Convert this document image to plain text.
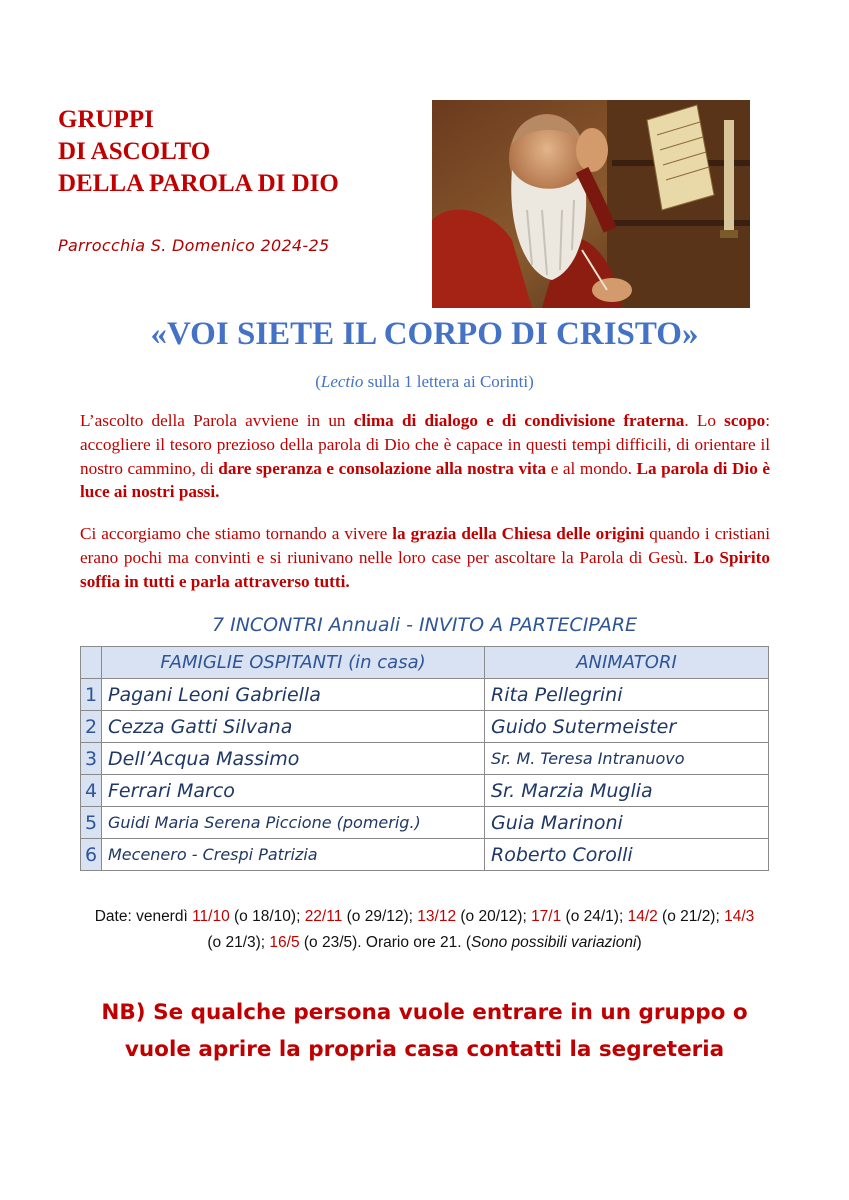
GRUPPI
DI ASCOLTO
DELLA PAROLA DI DIO
Parrocchia S. Domenico 2024-25
«VOI SIETE IL CORPO DI CRISTO»
(Lectio sulla 1 lettera ai Corinti)
L’ascolto della Parola avviene in un clima di dialogo e di condivisione fraterna. Lo scopo: accogliere il tesoro prezioso della parola di Dio che è capace in questi tempi difficili, di orientare il nostro cammino, di dare speranza e consolazione alla nostra vita e al mondo. La parola di Dio è luce ai nostri passi.
Ci accorgiamo che stiamo tornando a vivere la grazia della Chiesa delle origini quando i cristiani erano pochi ma convinti e si riunivano nelle loro case per ascoltare la Parola di Gesù. Lo Spirito soffia in tutti e parla attraverso tutti.
7 INCONTRI Annuali - INVITO A PARTECIPARE
	FAMIGLIE OSPITANTI (in casa)	ANIMATORI
1	Pagani Leoni Gabriella	Rita Pellegrini
2	Cezza Gatti Silvana	Guido Sutermeister
3	Dell’Acqua Massimo	Sr. M. Teresa Intranuovo
4	Ferrari Marco	Sr. Marzia Muglia
5	Guidi Maria Serena Piccione (pomerig.)	Guia Marinoni
6	Mecenero - Crespi Patrizia	Roberto Corolli
Date: venerdì 11/10 (o 18/10); 22/11 (o 29/12); 13/12 (o 20/12); 17/1 (o 24/1); 14/2 (o 21/2); 14/3 (o 21/3); 16/5 (o 23/5). Orario ore 21. (Sono possibili variazioni)
NB) Se qualche persona vuole entrare in un gruppo o
vuole aprire la propria casa contatti la segreteria
